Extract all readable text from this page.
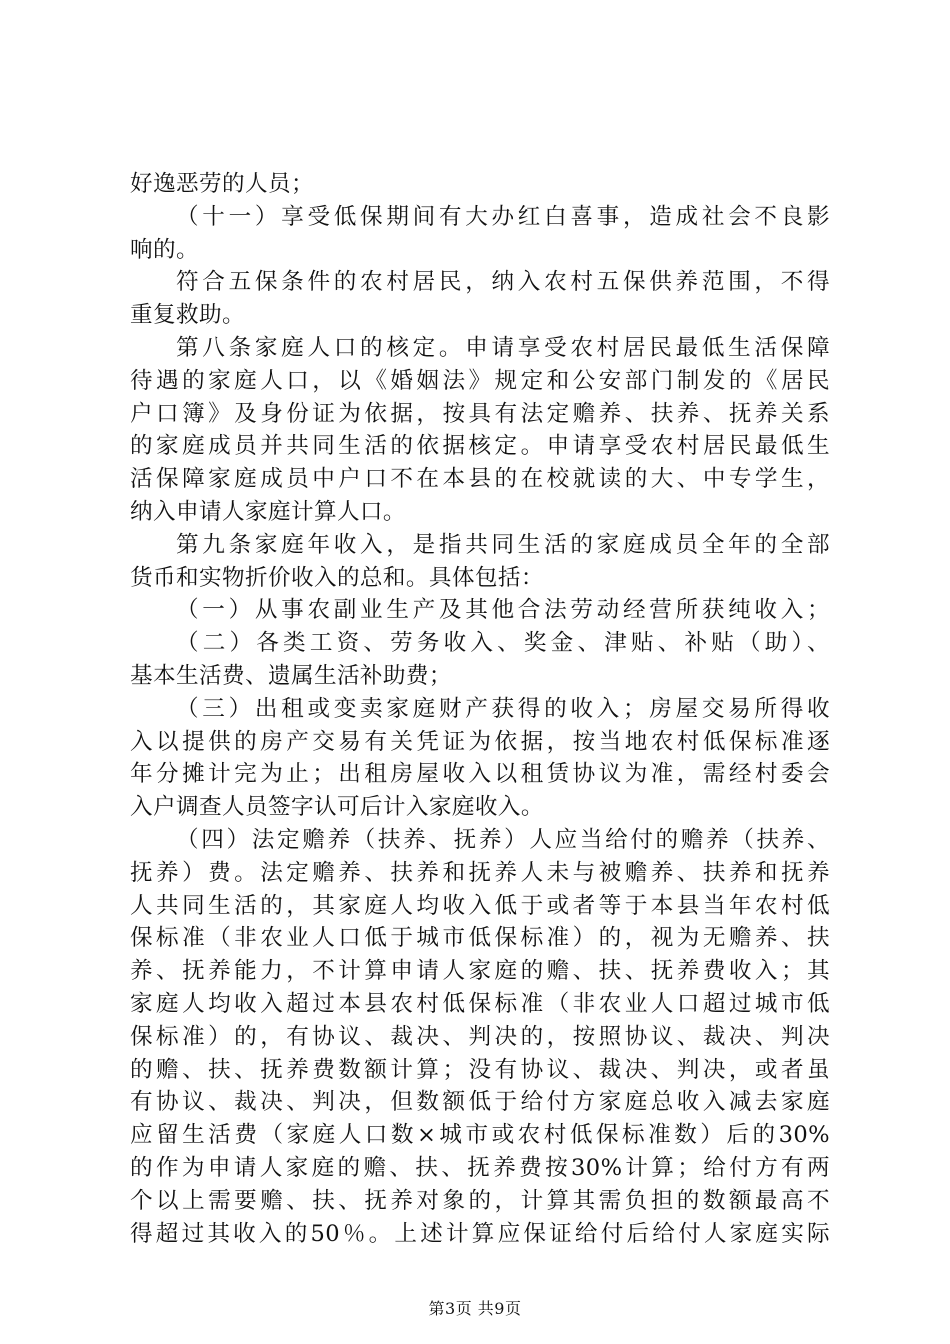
好逸恶劳的人员；
（十一）享受低保期间有大办红白喜事，造成社会不良影
响的。
符合五保条件的农村居民，纳入农村五保供养范围，不得
重复救助。
第八条家庭人口的核定。申请享受农村居民最低生活保障
待遇的家庭人口，以《婚姻法》规定和公安部门制发的《居民
户口簿》及身份证为依据，按具有法定赡养、扶养、抚养关系
的家庭成员并共同生活的依据核定。申请享受农村居民最低生
活保障家庭成员中户口不在本县的在校就读的大、中专学生，
纳入申请人家庭计算人口。
第九条家庭年收入，是指共同生活的家庭成员全年的全部
货币和实物折价收入的总和。具体包括：
（一）从事农副业生产及其他合法劳动经营所获纯收入；
（二）各类工资、劳务收入、奖金、津贴、补贴（助）、
基本生活费、遗属生活补助费；
（三）出租或变卖家庭财产获得的收入；房屋交易所得收
入以提供的房产交易有关凭证为依据，按当地农村低保标准逐
年分摊计完为止；出租房屋收入以租赁协议为准，需经村委会
入户调查人员签字认可后计入家庭收入。
（四）法定赡养（扶养、抚养）人应当给付的赡养（扶养、
抚养）费。法定赡养、扶养和抚养人未与被赡养、扶养和抚养
人共同生活的，其家庭人均收入低于或者等于本县当年农村低
保标准（非农业人口低于城市低保标准）的，视为无赡养、扶
养、抚养能力，不计算申请人家庭的赡、扶、抚养费收入；其
家庭人均收入超过本县农村低保标准（非农业人口超过城市低
保标准）的，有协议、裁决、判决的，按照协议、裁决、判决
的赡、扶、抚养费数额计算；没有协议、裁决、判决，或者虽
有协议、裁决、判决，但数额低于给付方家庭总收入减去家庭
应留生活费（家庭人口数×城市或农村低保标准数）后的30%
的作为申请人家庭的赡、扶、抚养费按30%计算；给付方有两
个以上需要赡、扶、抚养对象的，计算其需负担的数额最高不
得超过其收入的50％。上述计算应保证给付后给付人家庭实际
第3页 共9页
